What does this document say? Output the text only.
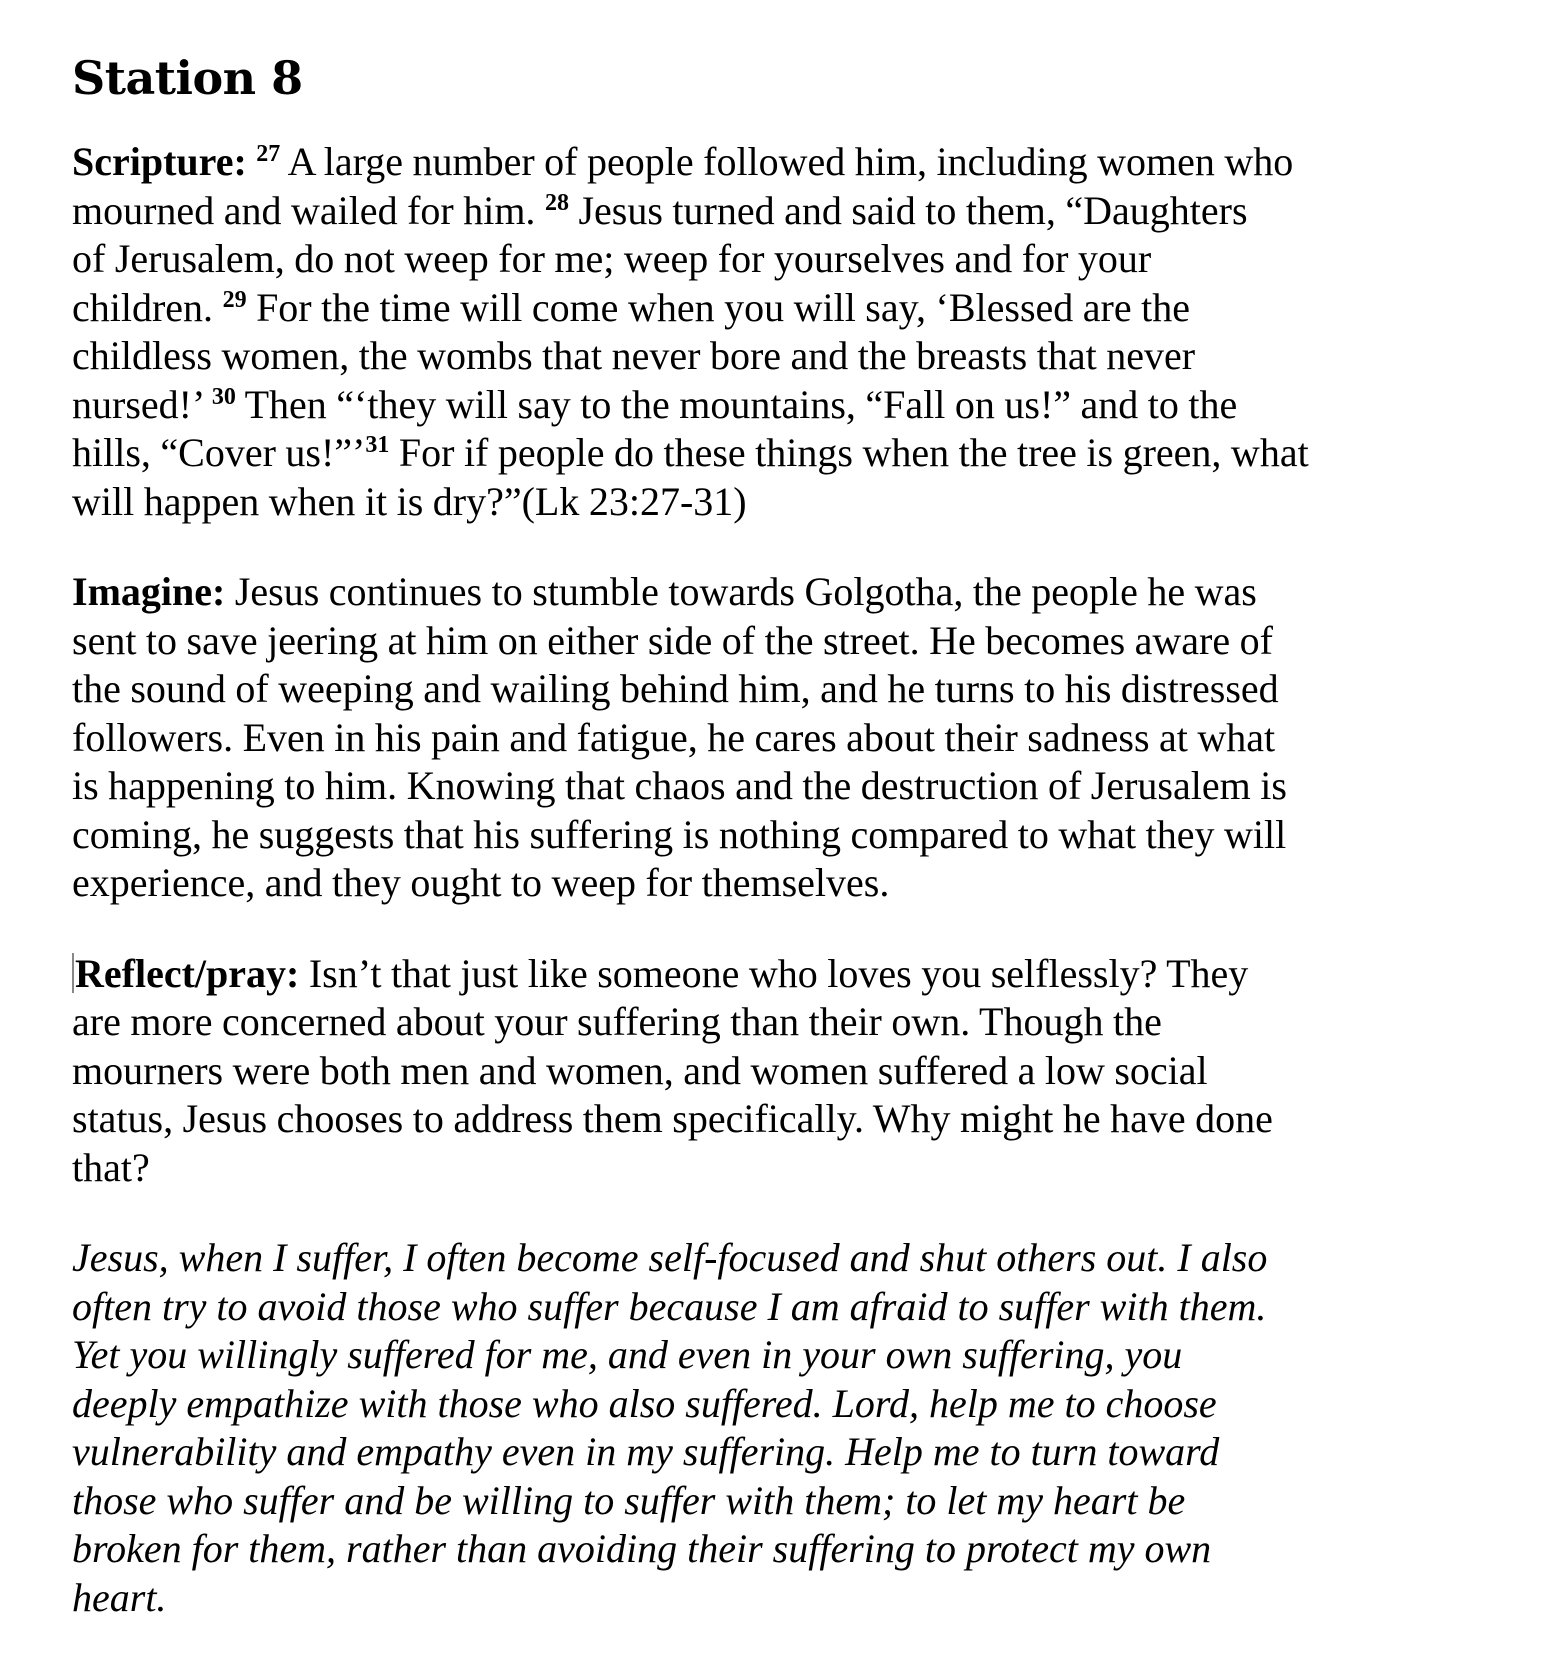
Station 8

Scripture: $^{27}$ A large number of people followed him, including women who
mourned and wailed for him. $^{28}$ Jesus turned and said to them, “Daughters
of Jerusalem, do not weep for me; weep for yourselves and for your
children. $^{29}$ For the time will come when you will say, ‘Blessed are the
childless women, the wombs that never bore and the breasts that never
nursed!’ $^{30}$ Then “‘they will say to the mountains, “Fall on us!” and to the
hills, “Cover us!”’$^{31}$ For if people do these things when the tree is green, what
will happen when it is dry?”(Lk 23:27-31)

Imagine: Jesus continues to stumble towards Golgotha, the people he was
sent to save jeering at him on either side of the street. He becomes aware of
the sound of weeping and wailing behind him, and he turns to his distressed
followers. Even in his pain and fatigue, he cares about their sadness at what
is happening to him. Knowing that chaos and the destruction of Jerusalem is
coming, he suggests that his suffering is nothing compared to what they will
experience, and they ought to weep for themselves.

Reflect/pray: Isn’t that just like someone who loves you selflessly? They
are more concerned about your suffering than their own. Though the
mourners were both men and women, and women suffered a low social
status, Jesus chooses to address them specifically. Why might he have done
that?

Jesus, when I suffer, I often become self-focused and shut others out. I also
often try to avoid those who suffer because I am afraid to suffer with them.
Yet you willingly suffered for me, and even in your own suffering, you
deeply empathize with those who also suffered. Lord, help me to choose
vulnerability and empathy even in my suffering. Help me to turn toward
those who suffer and be willing to suffer with them; to let my heart be
broken for them, rather than avoiding their suffering to protect my own
heart.
